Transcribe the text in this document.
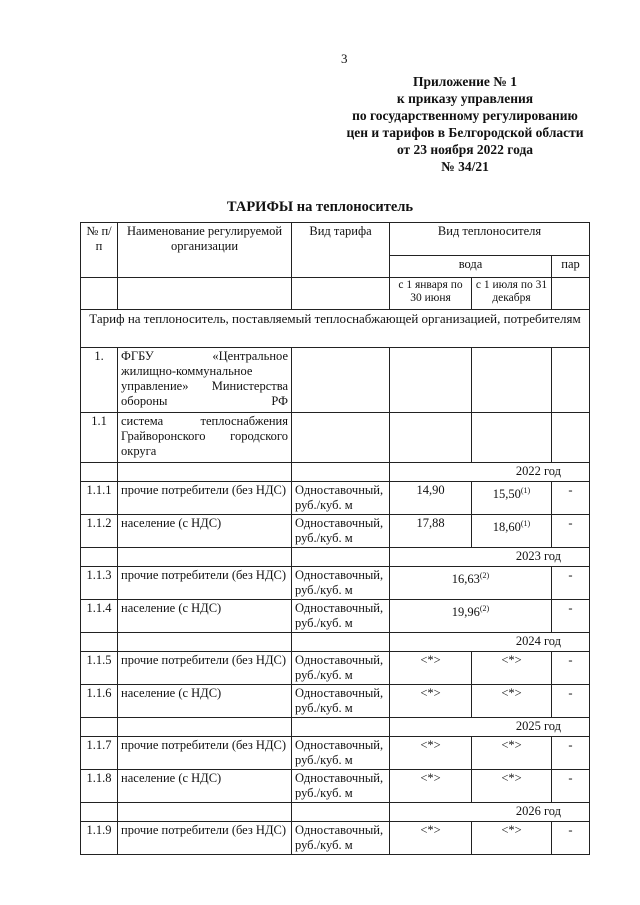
3
Приложение № 1
к приказу управления
по государственному регулированию
цен и тарифов в Белгородской области
от 23 ноября 2022 года
№ 34/21
ТАРИФЫ на теплоноситель
№ п/п	Наименование регулируемой организации	Вид тарифа	Вид теплоносителя		
			вода		пар
			с 1 января по 30 июня	с 1 июля по 31 декабря	
Тариф на теплоноситель, поставляемый теплоснабжающей организацией, потребителям					
1.	ФГБУ «Центральное жилищно-коммунальное управление» Министерства обороны РФ				
1.1	система теплоснабжения Грайворонского городского округа				
			2022 год		
1.1.1	прочие потребители (без НДС)	Одноставочный, руб./куб. м	14,90	15,50$^{(1)}$	-
1.1.2	население (с НДС)	Одноставочный, руб./куб. м	17,88	18,60$^{(1)}$	-
			2023 год		
1.1.3	прочие потребители (без НДС)	Одноставочный, руб./куб. м	16,63$^{(2)}$		-
1.1.4	население (с НДС)	Одноставочный, руб./куб. м	19,96$^{(2)}$		-
			2024 год		
1.1.5	прочие потребители (без НДС)	Одноставочный, руб./куб. м	<*>	<*>	-
1.1.6	население (с НДС)	Одноставочный, руб./куб. м	<*>	<*>	-
			2025 год		
1.1.7	прочие потребители (без НДС)	Одноставочный, руб./куб. м	<*>	<*>	-
1.1.8	население (с НДС)	Одноставочный, руб./куб. м	<*>	<*>	-
			2026 год		
1.1.9	прочие потребители (без НДС)	Одноставочный, руб./куб. м	<*>	<*>	-
